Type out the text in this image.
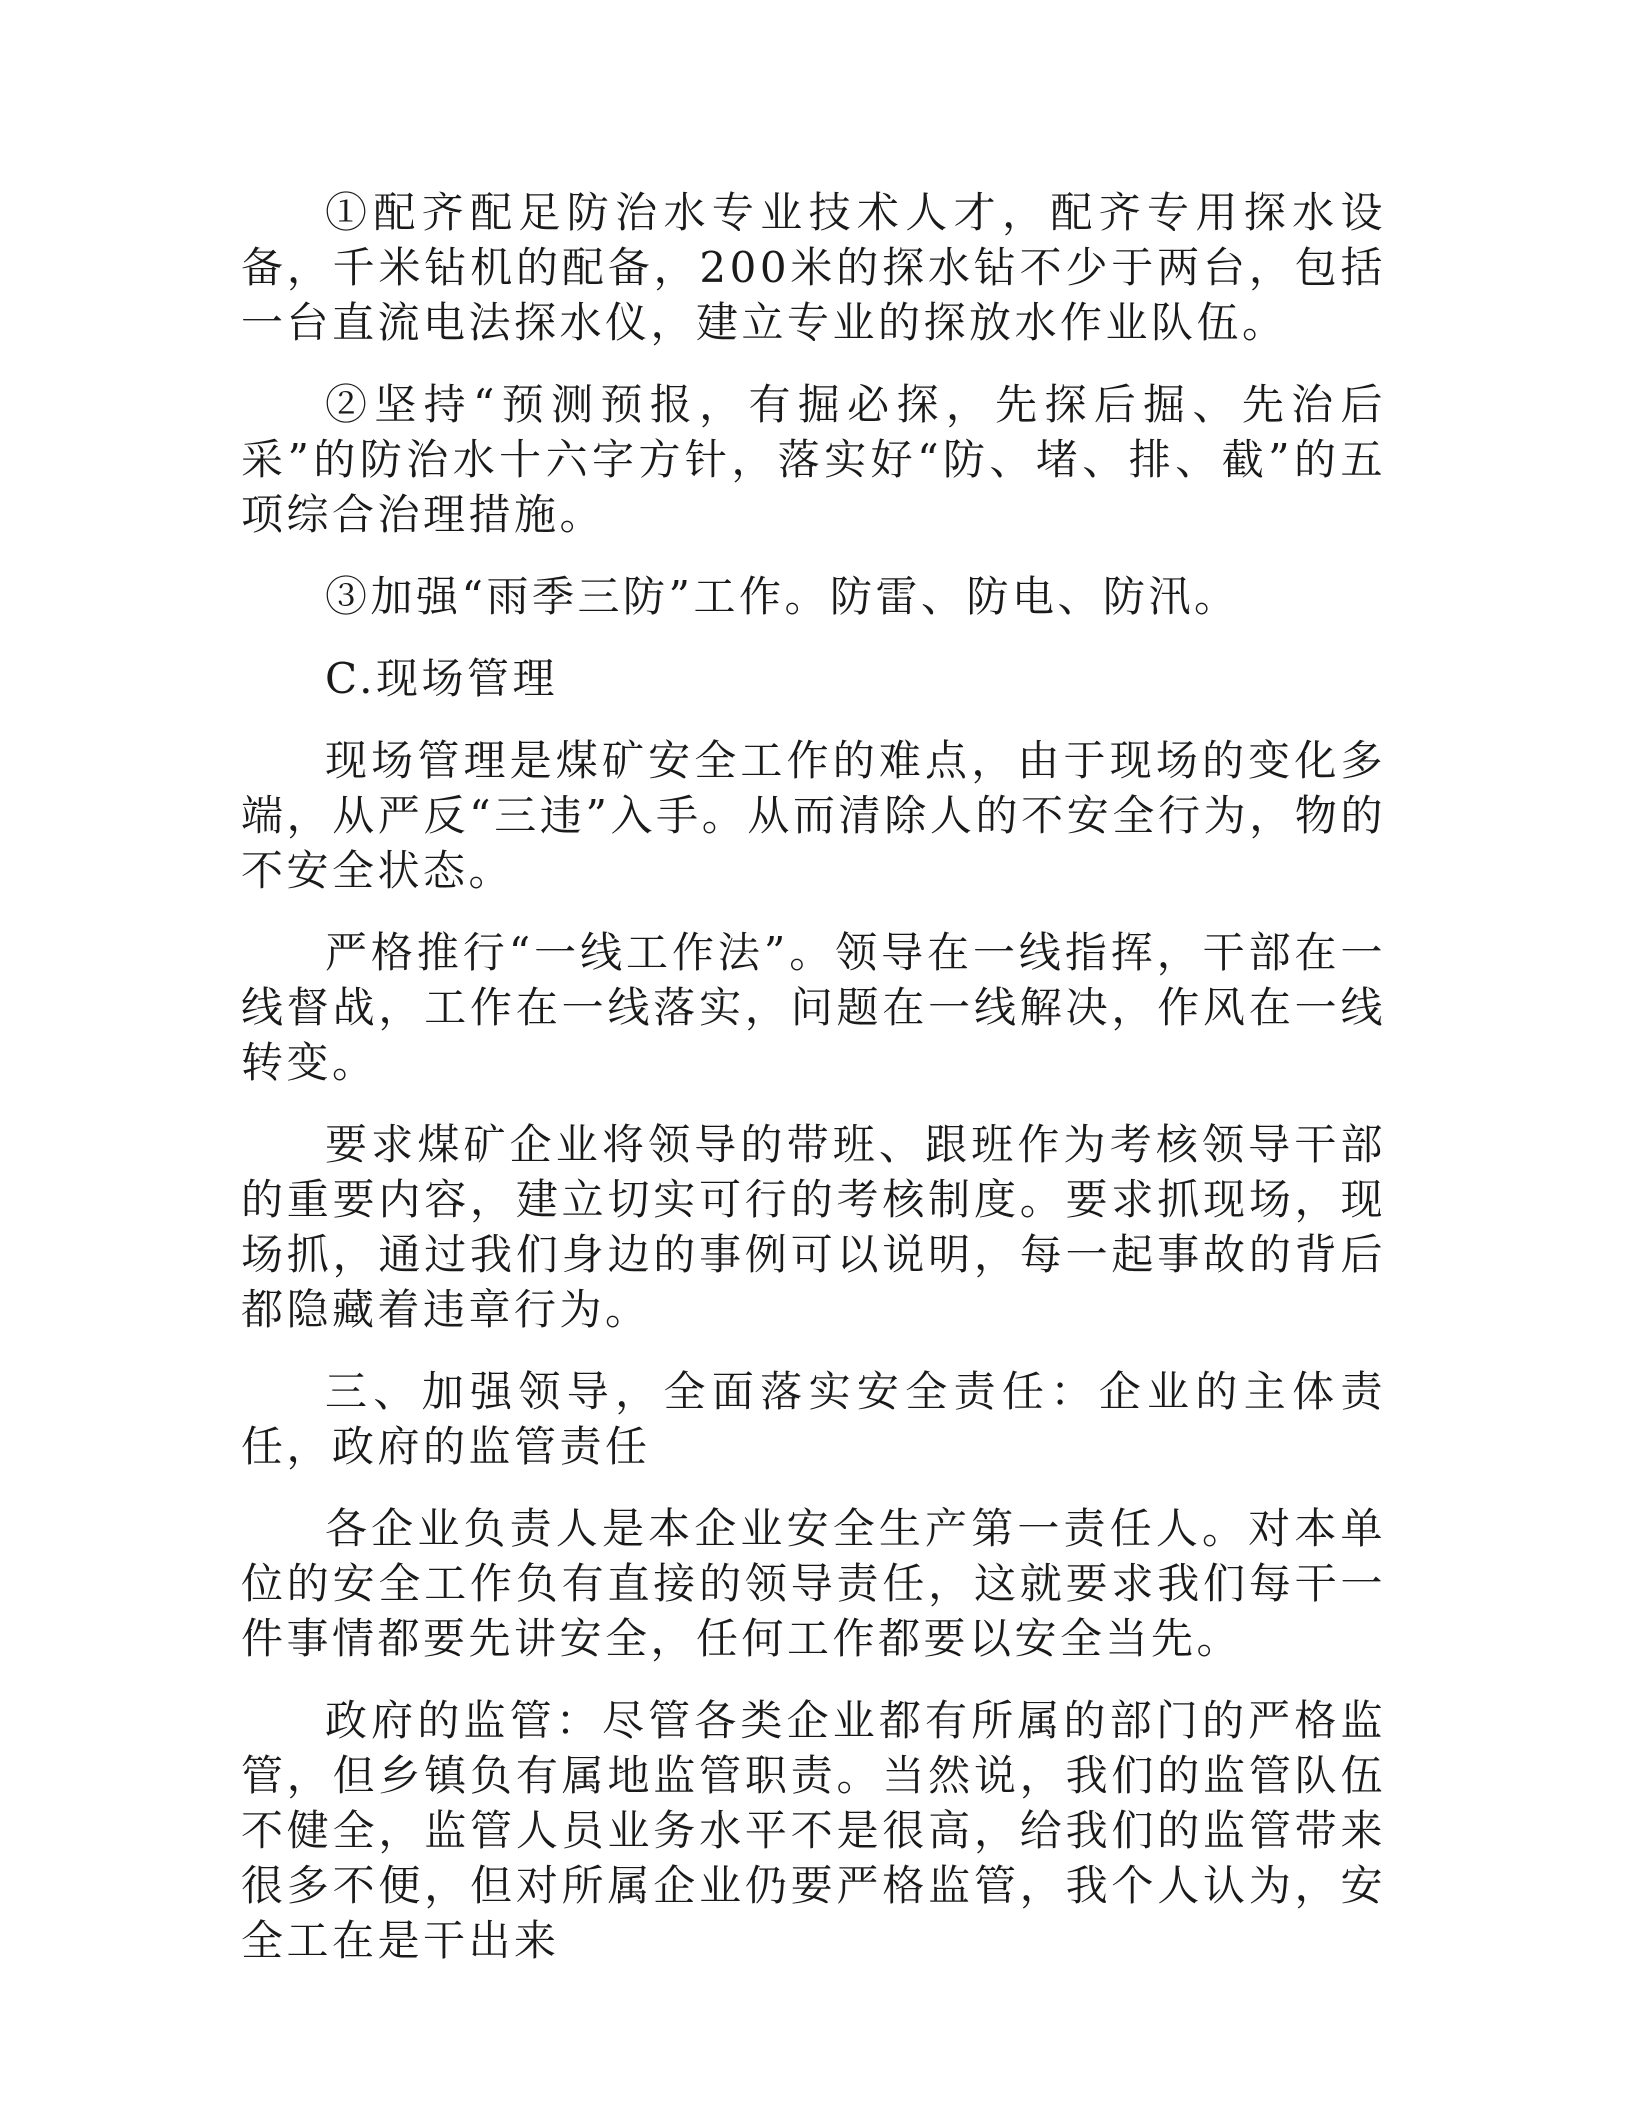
①配齐配足防治水专业技术人才，配齐专用探水设备，千米钻机的配备，200米的探水钻不少于两台，包括一台直流电法探水仪，建立专业的探放水作业队伍。

②坚持“预测预报，有掘必探，先探后掘、先治后采”的防治水十六字方针，落实好“防、堵、排、截”的五项综合治理措施。

③加强“雨季三防”工作。防雷、防电、防汛。

C.现场管理

现场管理是煤矿安全工作的难点，由于现场的变化多端，从严反“三违”入手。从而清除人的不安全行为，物的不安全状态。

严格推行“一线工作法”。领导在一线指挥，干部在一线督战，工作在一线落实，问题在一线解决，作风在一线转变。

要求煤矿企业将领导的带班、跟班作为考核领导干部的重要内容，建立切实可行的考核制度。要求抓现场，现场抓，通过我们身边的事例可以说明，每一起事故的背后都隐藏着违章行为。

三、加强领导，全面落实安全责任：企业的主体责任，政府的监管责任

各企业负责人是本企业安全生产第一责任人。对本单位的安全工作负有直接的领导责任，这就要求我们每干一件事情都要先讲安全，任何工作都要以安全当先。

政府的监管：尽管各类企业都有所属的部门的严格监管，但乡镇负有属地监管职责。当然说，我们的监管队伍不健全，监管人员业务水平不是很高，给我们的监管带来很多不便，但对所属企业仍要严格监管，我个人认为，安全工在是干出来
